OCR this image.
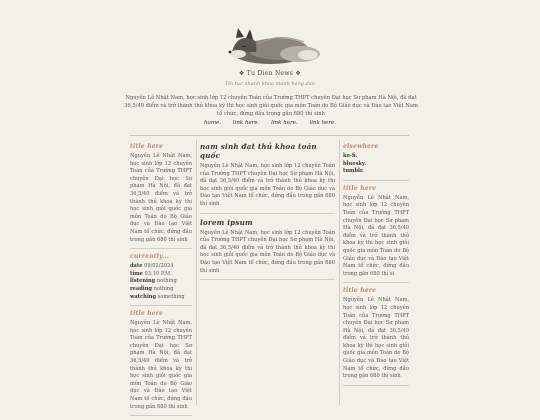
❖ Tu Dien News ❖
Tin tuc nhanh khoa manh hang dau
Nguyễn Lê Nhật Nam, học sinh lớp 12 chuyên Toán của Trường THPT chuyên Đại học Sư phạm Hà Nội, đã đạt 36,5/40 điểm và trở thành thủ khoa kỳ thi học sinh giỏi quốc gia môn Toán do Bộ Giáo dục và Đào tạo Việt Nam tổ chức, đứng đầu trong gần 680 thí sinh
home. link here. link here. link here.
title here
Nguyễn Lê Nhật Nam, học sinh lớp 12 chuyên Toán của Trường THPT chuyên Đại học Sư phạm Hà Nội, đã đạt 36,5/40 điểm và trở thành thủ khoa kỳ thi học sinh giỏi quốc gia môn Toán do Bộ Giáo dục và Đào tạo Việt Nam tổ chức, đứng đầu trong gần 680 thí sinh
currently...
date 09/02/2024
time 03:10 P.M.
listening nothing
reading nothing
watching something
title here
Nguyễn Lê Nhật Nam, học sinh lớp 12 chuyên Toán của Trường THPT chuyên Đại học Sư phạm Hà Nội, đã đạt 36,5/40 điểm và trở thành thủ khoa kỳ thi học sinh giỏi quốc gia môn Toán do Bộ Giáo dục và Đào tạo Việt Nam tổ chức, đứng đầu trong gần 680 thí sinh
nam sinh đạt thủ khoa toán quốc
Nguyễn Lê Nhật Nam, học sinh lớp 12 chuyên Toán của Trường THPT chuyên Đại học Sư phạm Hà Nội, đã đạt 36,5/40 điểm và trở thành thủ khoa kỳ thi học sinh giỏi quốc gia môn Toán do Bộ Giáo dục và Đào tạo Việt Nam tổ chức, đứng đầu trong gần 680 thí sinh
lorem ipsum
Nguyễn Lê Nhật Nam, học sinh lớp 12 chuyên Toán của Trường THPT chuyên Đại học Sư phạm Hà Nội, đã đạt 36,5/40 điểm và trở thành thủ khoa kỳ thi học sinh giỏi quốc gia môn Toán do Bộ Giáo dục và Đào tạo Việt Nam tổ chức, đứng đầu trong gần 680 thí sinh
elsewhere
ko-fi.
bluesky.
tumblr.
title here
Nguyễn Lê Nhật Nam, học sinh lớp 12 chuyên Toán của Trường THPT chuyên Đại học Sư phạm Hà Nội, đã đạt 36,5/40 điểm và trở thành thủ khoa kỳ thi học sinh giỏi quốc gia môn Toán do Bộ Giáo dục và Đào tạo Việt Nam tổ chức, đứng đầu trong gần 680 thí si
title here
Nguyễn Lê Nhật Nam, học sinh lớp 12 chuyên Toán của Trường THPT chuyên Đại học Sư phạm Hà Nội, đã đạt 36,5/40 điểm và trở thành thủ khoa kỳ thi học sinh giỏi quốc gia môn Toán do Bộ Giáo dục và Đào tạo Việt Nam tổ chức, đứng đầu trong gần 680 thí sinh
